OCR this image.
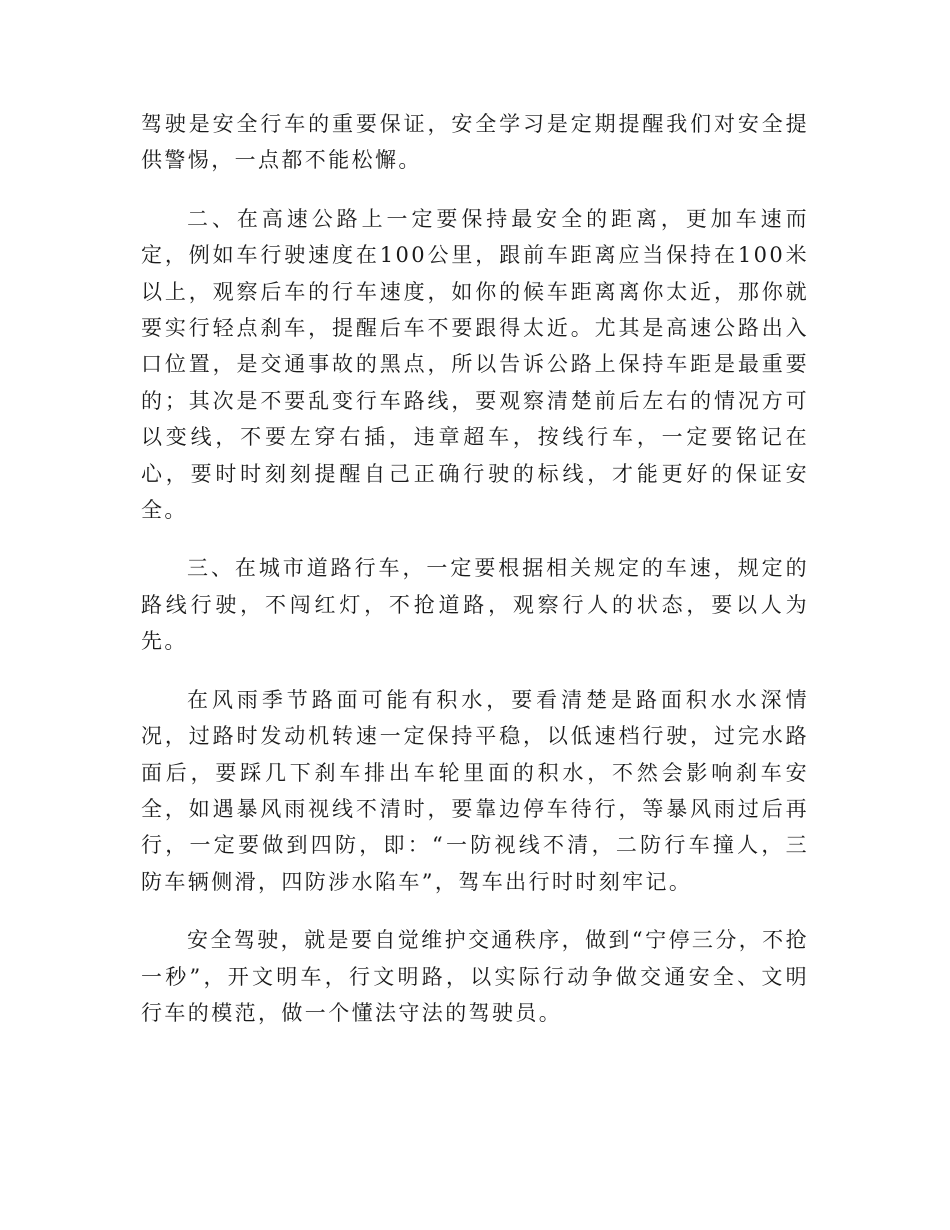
驾驶是安全行车的重要保证，安全学习是定期提醒我们对安全提供警惕，一点都不能松懈。

二、在高速公路上一定要保持最安全的距离，更加车速而定，例如车行驶速度在100公里，跟前车距离应当保持在100米以上，观察后车的行车速度，如你的候车距离离你太近，那你就要实行轻点刹车，提醒后车不要跟得太近。尤其是高速公路出入口位置，是交通事故的黑点，所以告诉公路上保持车距是最重要的；其次是不要乱变行车路线，要观察清楚前后左右的情况方可以变线，不要左穿右插，违章超车，按线行车，一定要铭记在心，要时时刻刻提醒自己正确行驶的标线，才能更好的保证安全。

三、在城市道路行车，一定要根据相关规定的车速，规定的路线行驶，不闯红灯，不抢道路，观察行人的状态，要以人为先。

在风雨季节路面可能有积水，要看清楚是路面积水水深情况，过路时发动机转速一定保持平稳，以低速档行驶，过完水路面后，要踩几下刹车排出车轮里面的积水，不然会影响刹车安全，如遇暴风雨视线不清时，要靠边停车待行，等暴风雨过后再行，一定要做到四防，即：“一防视线不清，二防行车撞人，三防车辆侧滑，四防涉水陷车”，驾车出行时时刻牢记。

安全驾驶，就是要自觉维护交通秩序，做到“宁停三分，不抢一秒”，开文明车，行文明路，以实际行动争做交通安全、文明行车的模范，做一个懂法守法的驾驶员。
